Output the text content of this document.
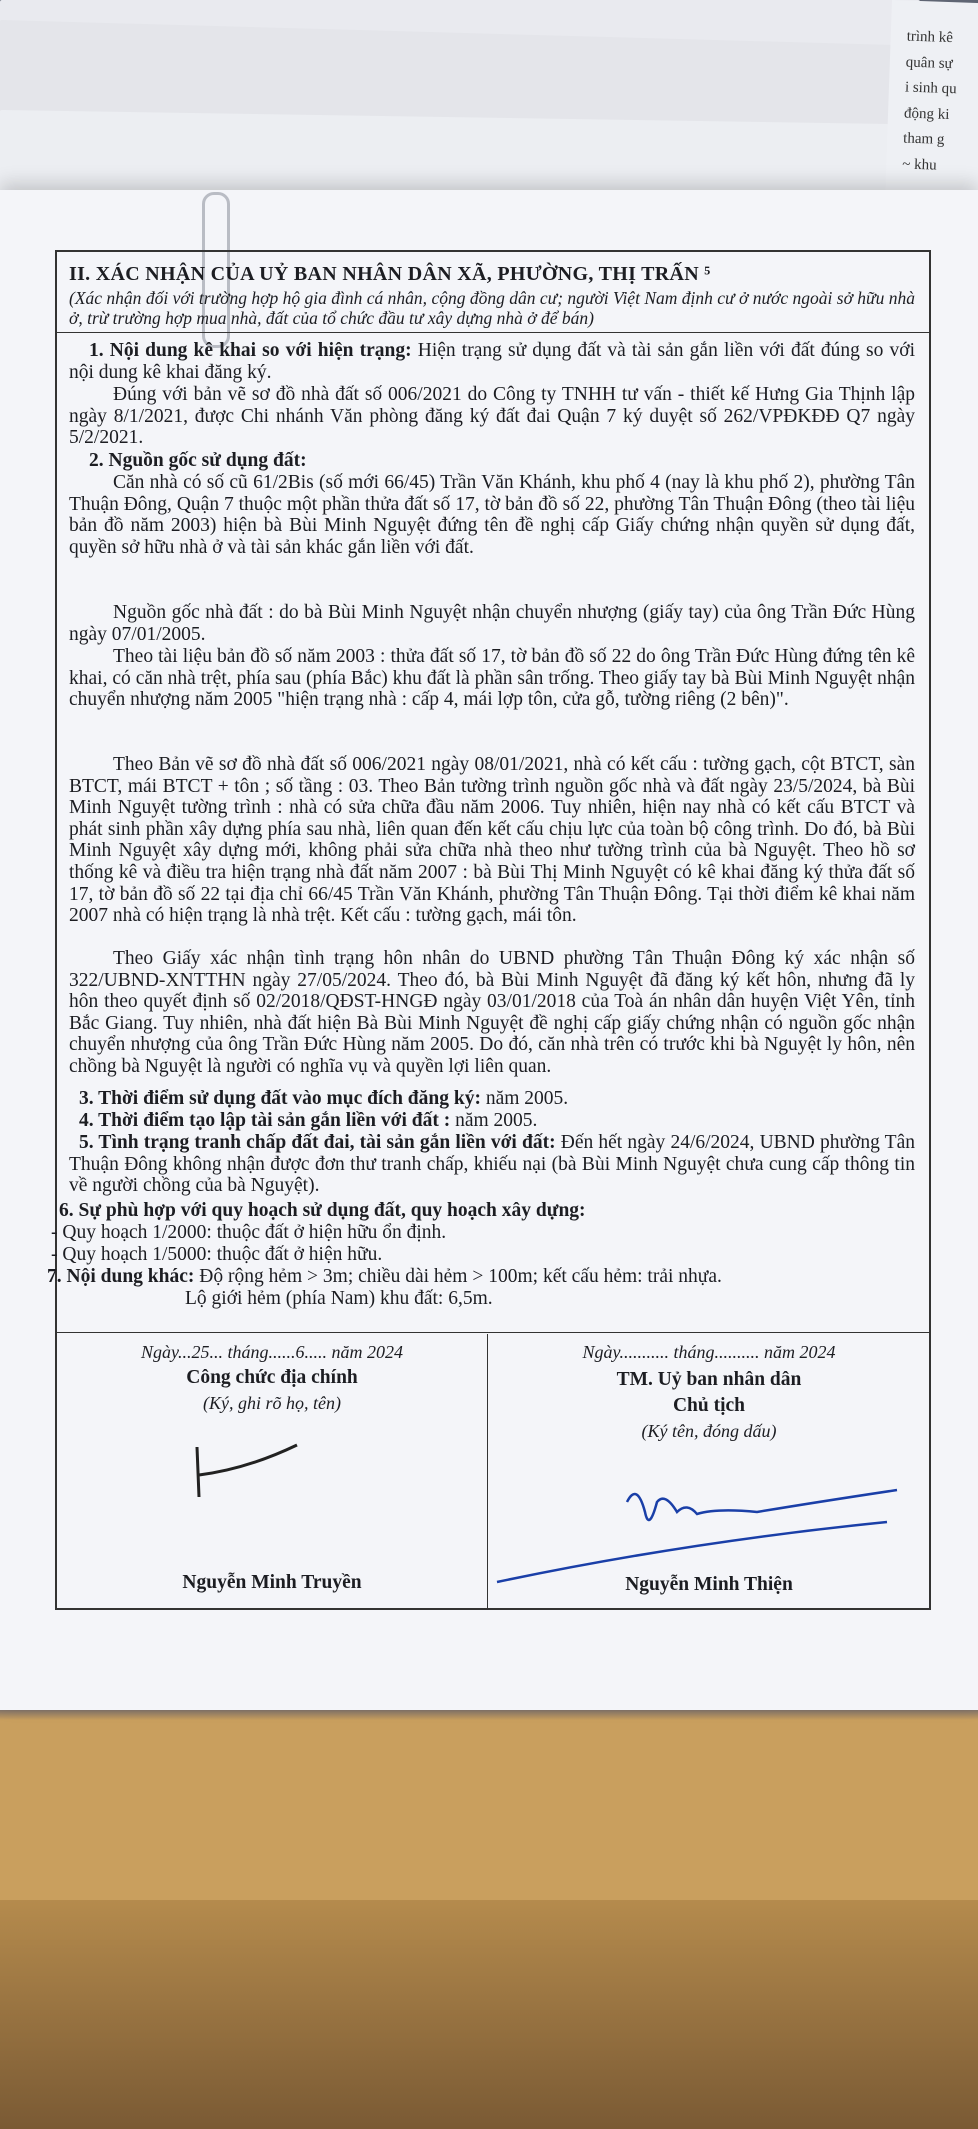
trình kê
quân sự
i sinh qu
động ki
tham g
~ khu
II. XÁC NHẬN CỦA UỶ BAN NHÂN DÂN XÃ, PHƯỜNG, THỊ TRẤN ⁵
(Xác nhận đối với trường hợp hộ gia đình cá nhân, cộng đồng dân cư; người Việt Nam định cư ở nước ngoài sở hữu nhà ở, trừ trường hợp mua nhà, đất của tổ chức đầu tư xây dựng nhà ở để bán)
1. Nội dung kê khai so với hiện trạng: Hiện trạng sử dụng đất và tài sản gắn liền với đất đúng so với nội dung kê khai đăng ký.
Đúng với bản vẽ sơ đồ nhà đất số 006/2021 do Công ty TNHH tư vấn - thiết kế Hưng Gia Thịnh lập ngày 8/1/2021, được Chi nhánh Văn phòng đăng ký đất đai Quận 7 ký duyệt số 262/VPĐKĐĐ Q7 ngày 5/2/2021.
2. Nguồn gốc sử dụng đất:
Căn nhà có số cũ 61/2Bis (số mới 66/45) Trần Văn Khánh, khu phố 4 (nay là khu phố 2), phường Tân Thuận Đông, Quận 7 thuộc một phần thửa đất số 17, tờ bản đồ số 22, phường Tân Thuận Đông (theo tài liệu bản đồ năm 2003) hiện bà Bùi Minh Nguyệt đứng tên đề nghị cấp Giấy chứng nhận quyền sử dụng đất, quyền sở hữu nhà ở và tài sản khác gắn liền với đất.
Nguồn gốc nhà đất : do bà Bùi Minh Nguyệt nhận chuyển nhượng (giấy tay) của ông Trần Đức Hùng ngày 07/01/2005.
Theo tài liệu bản đồ số năm 2003 : thửa đất số 17, tờ bản đồ số 22 do ông Trần Đức Hùng đứng tên kê khai, có căn nhà trệt, phía sau (phía Bắc) khu đất là phần sân trống. Theo giấy tay bà Bùi Minh Nguyệt nhận chuyển nhượng năm 2005 "hiện trạng nhà : cấp 4, mái lợp tôn, cửa gỗ, tường riêng (2 bên)".
Theo Bản vẽ sơ đồ nhà đất số 006/2021 ngày 08/01/2021, nhà có kết cấu : tường gạch, cột BTCT, sàn BTCT, mái BTCT + tôn ; số tầng : 03. Theo Bản tường trình nguồn gốc nhà và đất ngày 23/5/2024, bà Bùi Minh Nguyệt tường trình : nhà có sửa chữa đầu năm 2006. Tuy nhiên, hiện nay nhà có kết cấu BTCT và phát sinh phần xây dựng phía sau nhà, liên quan đến kết cấu chịu lực của toàn bộ công trình. Do đó, bà Bùi Minh Nguyệt xây dựng mới, không phải sửa chữa nhà theo như tường trình của bà Nguyệt. Theo hồ sơ thống kê và điều tra hiện trạng nhà đất năm 2007 : bà Bùi Thị Minh Nguyệt có kê khai đăng ký thửa đất số 17, tờ bản đồ số 22 tại địa chỉ 66/45 Trần Văn Khánh, phường Tân Thuận Đông. Tại thời điểm kê khai năm 2007 nhà có hiện trạng là nhà trệt. Kết cấu : tường gạch, mái tôn.
Theo Giấy xác nhận tình trạng hôn nhân do UBND phường Tân Thuận Đông ký xác nhận số 322/UBND-XNTTHN ngày 27/05/2024. Theo đó, bà Bùi Minh Nguyệt đã đăng ký kết hôn, nhưng đã ly hôn theo quyết định số 02/2018/QĐST-HNGĐ ngày 03/01/2018 của Toà án nhân dân huyện Việt Yên, tỉnh Bắc Giang. Tuy nhiên, nhà đất hiện Bà Bùi Minh Nguyệt đề nghị cấp giấy chứng nhận có nguồn gốc nhận chuyển nhượng của ông Trần Đức Hùng năm 2005. Do đó, căn nhà trên có trước khi bà Nguyệt ly hôn, nên chồng bà Nguyệt là người có nghĩa vụ và quyền lợi liên quan.
3. Thời điểm sử dụng đất vào mục đích đăng ký: năm 2005.
4. Thời điểm tạo lập tài sản gắn liền với đất : năm 2005.
5. Tình trạng tranh chấp đất đai, tài sản gắn liền với đất: Đến hết ngày 24/6/2024, UBND phường Tân Thuận Đông không nhận được đơn thư tranh chấp, khiếu nại (bà Bùi Minh Nguyệt chưa cung cấp thông tin về người chồng của bà Nguyệt).
6. Sự phù hợp với quy hoạch sử dụng đất, quy hoạch xây dựng:
- Quy hoạch 1/2000: thuộc đất ở hiện hữu ổn định.
- Quy hoạch 1/5000: thuộc đất ở hiện hữu.
7. Nội dung khác: Độ rộng hẻm > 3m; chiều dài hẻm > 100m; kết cấu hẻm: trải nhựa.
Lộ giới hẻm (phía Nam) khu đất: 6,5m.
Ngày...25... tháng......6..... năm 2024
Công chức địa chính
(Ký, ghi rõ họ, tên)
Nguyễn Minh Truyền
Ngày........... tháng.......... năm 2024
TM. Uỷ ban nhân dân
Chủ tịch
(Ký tên, đóng dấu)
Nguyễn Minh Thiện
